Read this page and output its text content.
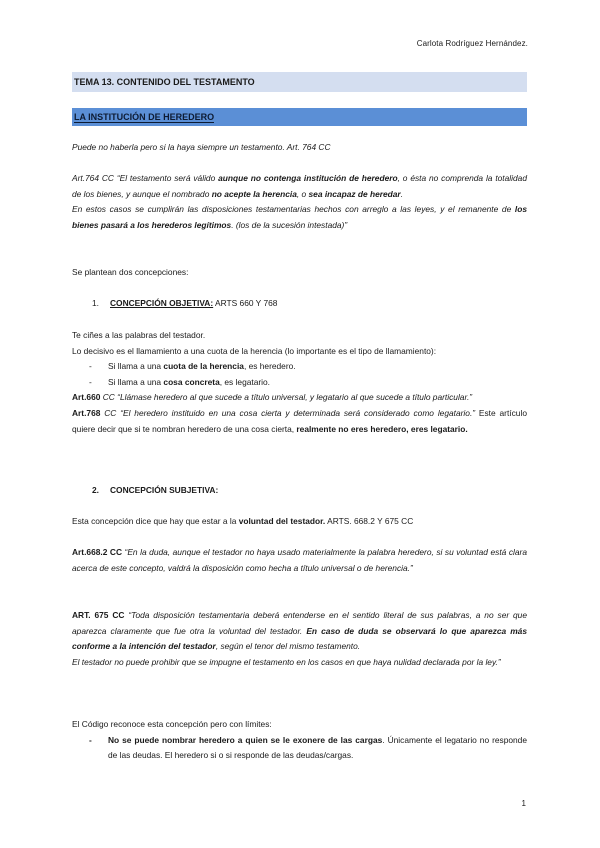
Carlota Rodríguez Hernández.
TEMA 13. CONTENIDO DEL TESTAMENTO
LA INSTITUCIÓN DE HEREDERO
Puede no haberla pero si la haya siempre un testamento. Art. 764 CC
Art.764 CC “El testamento será válido aunque no contenga institución de heredero, o ésta no comprenda la totalidad de los bienes, y aunque el nombrado no acepte la herencia, o sea incapaz de heredar.
En estos casos se cumplirán las disposiciones testamentarias hechos con arreglo a las leyes, y el remanente de los bienes pasará a los herederos legítimos. (los de la sucesión intestada)”
Se plantean dos concepciones:
1. CONCEPCIÓN OBJETIVA: ARTS 660 Y 768
Te ciñes a las palabras del testador.
Lo decisivo es el llamamiento a una cuota de la herencia (lo importante es el tipo de llamamiento):
- Si llama a una cuota de la herencia, es heredero.
- Si llama a una cosa concreta, es legatario.
Art.660 CC “Llámase heredero al que sucede a título universal, y legatario al que sucede a título particular.”
Art.768 CC “El heredero instituido en una cosa cierta y determinada será considerado como legatario.” Este artículo quiere decir que si te nombran heredero de una cosa cierta, realmente no eres heredero, eres legatario.
2. CONCEPCIÓN SUBJETIVA:
Esta concepción dice que hay que estar a la voluntad del testador. ARTS. 668.2 Y 675 CC
Art.668.2 CC “En la duda, aunque el testador no haya usado materialmente la palabra heredero, si su voluntad está clara acerca de este concepto, valdrá la disposición como hecha a título universal o de herencia.”
ART. 675 CC “Toda disposición testamentaria deberá entenderse en el sentido literal de sus palabras, a no ser que aparezca claramente que fue otra la voluntad del testador. En caso de duda se observará lo que aparezca más conforme a la intención del testador, según el tenor del mismo testamento.
El testador no puede prohibir que se impugne el testamento en los casos en que haya nulidad declarada por la ley.”
El Código reconoce esta concepción pero con límites:
- No se puede nombrar heredero a quien se le exonere de las cargas. Únicamente el legatario no responde de las deudas. El heredero si o si responde de las deudas/cargas.
1
